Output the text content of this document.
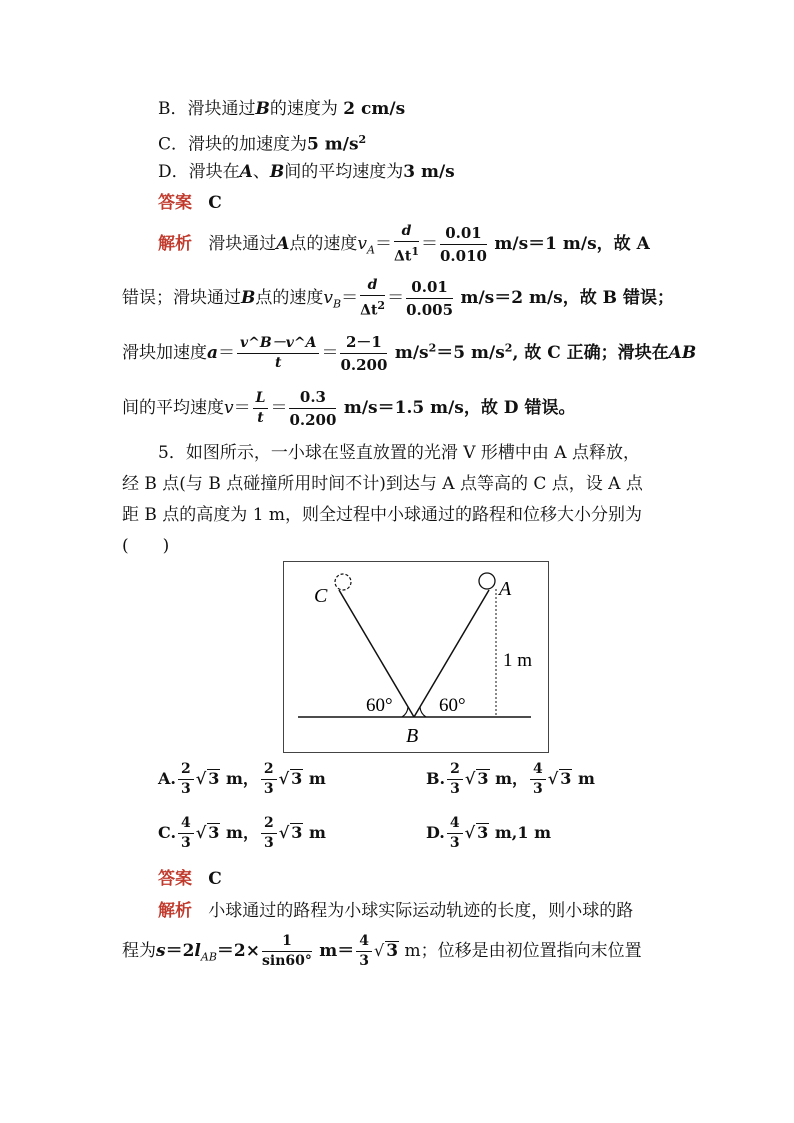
B．滑块通过B的速度为 2 cm/s
C．滑块的加速度为5 $m/s^2$
D．滑块在A、B间的平均速度为3 m/s
答案 C
解析 滑块通过A点的速度$v_A= \frac{d}{\Delta t^1} = \frac{0.01}{0.010} m/s=1$ m/s，故 A
错误；滑块通过B点的速度$v_B= \frac{d}{\Delta t^2} = \frac{0.01}{0.005} m/s=2$ m/s，故 B 错误；
滑块加速度$a= \frac{v\^{}B-v\^{}A}{t} = \frac{2-1}{0.200} m/s^2=5$ $m/s^2$, 故 C 正确；滑块在AB
间的平均速度$v= \frac{L}{t} = \frac{0.3}{0.200} m/s=1.5$ m/s，故 D 错误。
5．如图所示，一小球在竖直放置的光滑 V 形槽中由 A 点释放，
经 B 点(与 B 点碰撞所用时间不计)到达与 A 点等高的 C 点，设 A 点
距 B 点的高度为 1 m，则全过程中小球通过的路程和位移大小分别为
(　　)
C	A
B
1 m
60° 60°
A. $\frac{2}{3}$ √ 3 m， $\frac{2}{3}$ √ 3 m	B. $\frac{2}{3}$ √ 3 m， $\frac{4}{3}$ √ 3 m
C. $\frac{4}{3}$ √ 3 m， $\frac{2}{3}$ √ 3 m	D. $\frac{4}{3}$ √ 3 m,1 m
答案 C
解析 小球通过的路程为小球实际运动轨迹的长度，则小球的路
程为$s=2l_{AB}=2\times \frac{1}{\sin 60^\circ} m= \frac{4}{3}$ √ 3 m；位移是由初位置指向末位置
